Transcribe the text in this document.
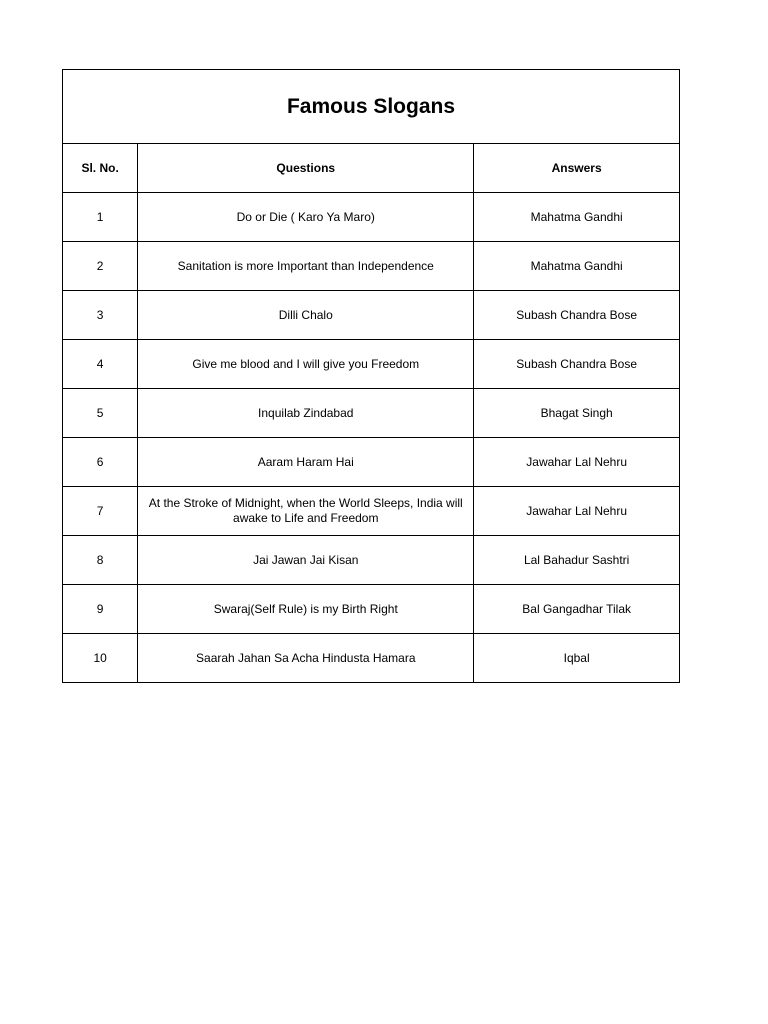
Famous Slogans		
Sl. No.	Questions	Answers
1	Do or Die ( Karo Ya Maro)	Mahatma Gandhi
2	Sanitation is more Important than Independence	Mahatma Gandhi
3	Dilli Chalo	Subash Chandra Bose
4	Give me blood and I will give you Freedom	Subash Chandra Bose
5	Inquilab Zindabad	Bhagat Singh
6	Aaram Haram Hai	Jawahar Lal Nehru
7	At the Stroke of Midnight, when the World Sleeps, India will awake to Life and Freedom	Jawahar Lal Nehru
8	Jai Jawan Jai Kisan	Lal Bahadur Sashtri
9	Swaraj(Self Rule) is my Birth Right	Bal Gangadhar Tilak
10	Saarah Jahan Sa Acha Hindusta Hamara	Iqbal
